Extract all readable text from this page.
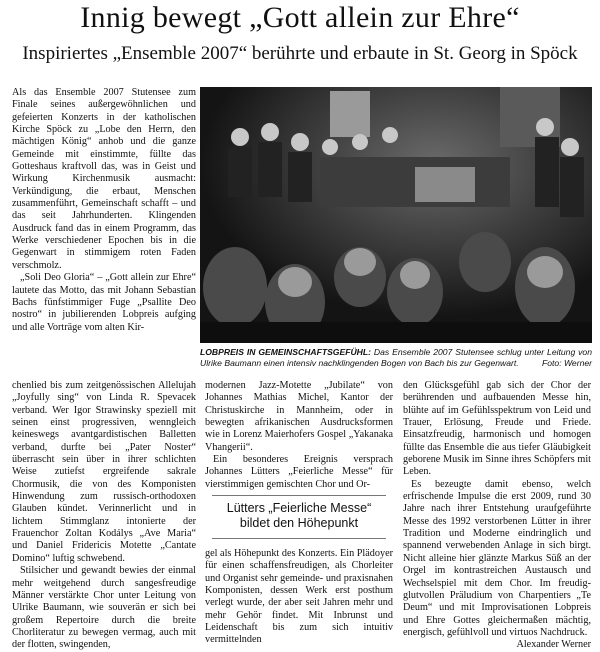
Innig bewegt „Gott allein zur Ehre“
Inspiriertes „Ensemble 2007“ berührte und erbaute in St. Georg in Spöck

Als das Ensemble 2007 Stutensee zum Finale seines außergewöhnlichen und gefeierten Konzerts in der katholischen Kirche Spöck zu „Lobe den Herrn, den mächtigen König“ anhob und die ganze Gemeinde mit einstimmte, füllte das Gotteshaus kraftvoll das, was in Geist und Wirkung Kirchenmusik ausmacht: Verkündigung, die erbaut, Menschen zusammenführt, Gemeinschaft schafft – und das seit Jahrhunderten. Klingenden Ausdruck fand das in einem Programm, das Werke verschiedener Epochen bis in die Gegenwart in stimmigem roten Faden verschmolz.

„Soli Deo Gloria“ – „Gott allein zur Ehre“ lautete das Motto, das mit Johann Sebastian Bachs fünfstimmiger Fuge „Psallite Deo nostro“ in jubilierenden Lobpreis aufging und alle Vorträge vom alten Kir-

LOBPREIS IN GEMEINSCHAFTSGEFÜHL: Das Ensemble 2007 Stutensee schlug unter Leitung von Ulrike Baumann einen intensiv nachklingenden Bogen von Bach bis zur Gegenwart.	Foto: Werner

chenlied bis zum zeitgenössischen Allelujah „Joyfully sing“ von Linda R. Spevacek verband. Wer Igor Strawinsky speziell mit seinen einst progressiven, wenngleich keineswegs avantgardistischen Balletten verband, durfte bei „Pater Noster“ überrascht sein über in ihrer schlichten Weise zutiefst ergreifende sakrale Chormusik, die von des Komponisten Hinwendung zum russisch-orthodoxen Glauben kündet. Verinnerlicht und in lichtem Stimmglanz intonierte der Frauenchor Zoltan Kodálys „Ave Maria“ und Daniel Fridericis Motette „Cantate Domino“ luftig schwebend.

Stilsicher und gewandt bewies der einmal mehr weitgehend durch sangesfreudige Männer verstärkte Chor unter Leitung von Ulrike Baumann, wie souverän er sich bei großem Repertoire durch die breite Chorliteratur zu bewegen vermag, auch mit der flotten, swingenden,

modernen Jazz-Motette „Jubilate“ von Johannes Mathias Michel, Kantor der Christuskirche in Mannheim, oder in bewegten afrikanischen Ausdrucksformen wie in Lorenz Maierhofers Gospel „Yakanaka Vhangerii“.

Ein besonderes Ereignis versprach Johannes Lütters „Feierliche Messe“ für vierstimmigen gemischten Chor und Or-

Lütters „Feierliche Messe“ bildet den Höhepunkt

gel als Höhepunkt des Konzerts. Ein Plädoyer für einen schaffensfreudigen, als Chorleiter und Organist sehr gemeinde- und praxisnahen Komponisten, dessen Werk erst posthum verlegt wurde, der aber seit Jahren mehr und mehr Gehör findet. Mit Inbrunst und Leidenschaft bis zum sich intuitiv vermittelnden

den Glücksgefühl gab sich der Chor der berührenden und aufbauenden Messe hin, blühte auf im Gefühlsspektrum von Leid und Trauer, Erlösung, Freude und Friede. Einsatzfreudig, harmonisch und homogen füllte das Ensemble die aus tiefer Gläubigkeit geborene Musik im Sinne ihres Schöpfers mit Leben.

Es bezeugte damit ebenso, welch erfrischende Impulse die erst 2009, rund 30 Jahre nach ihrer Entstehung uraufgeführte Messe des 1992 verstorbenen Lütter in ihrer Tradition und Moderne eindringlich und spannend verwebenden Anlage in sich birgt. Nicht alleine hier glänzte Markus Süß an der Orgel im kontrastreichen Austausch und Wechselspiel mit dem Chor. Im freudig-glutvollen Präludium von Charpentiers „Te Deum“ und mit Improvisationen Lobpreis und Ehre Gottes gleichermaßen mächtig, energisch, gefühlvoll und virtuos Nachdruck.

Alexander Werner
